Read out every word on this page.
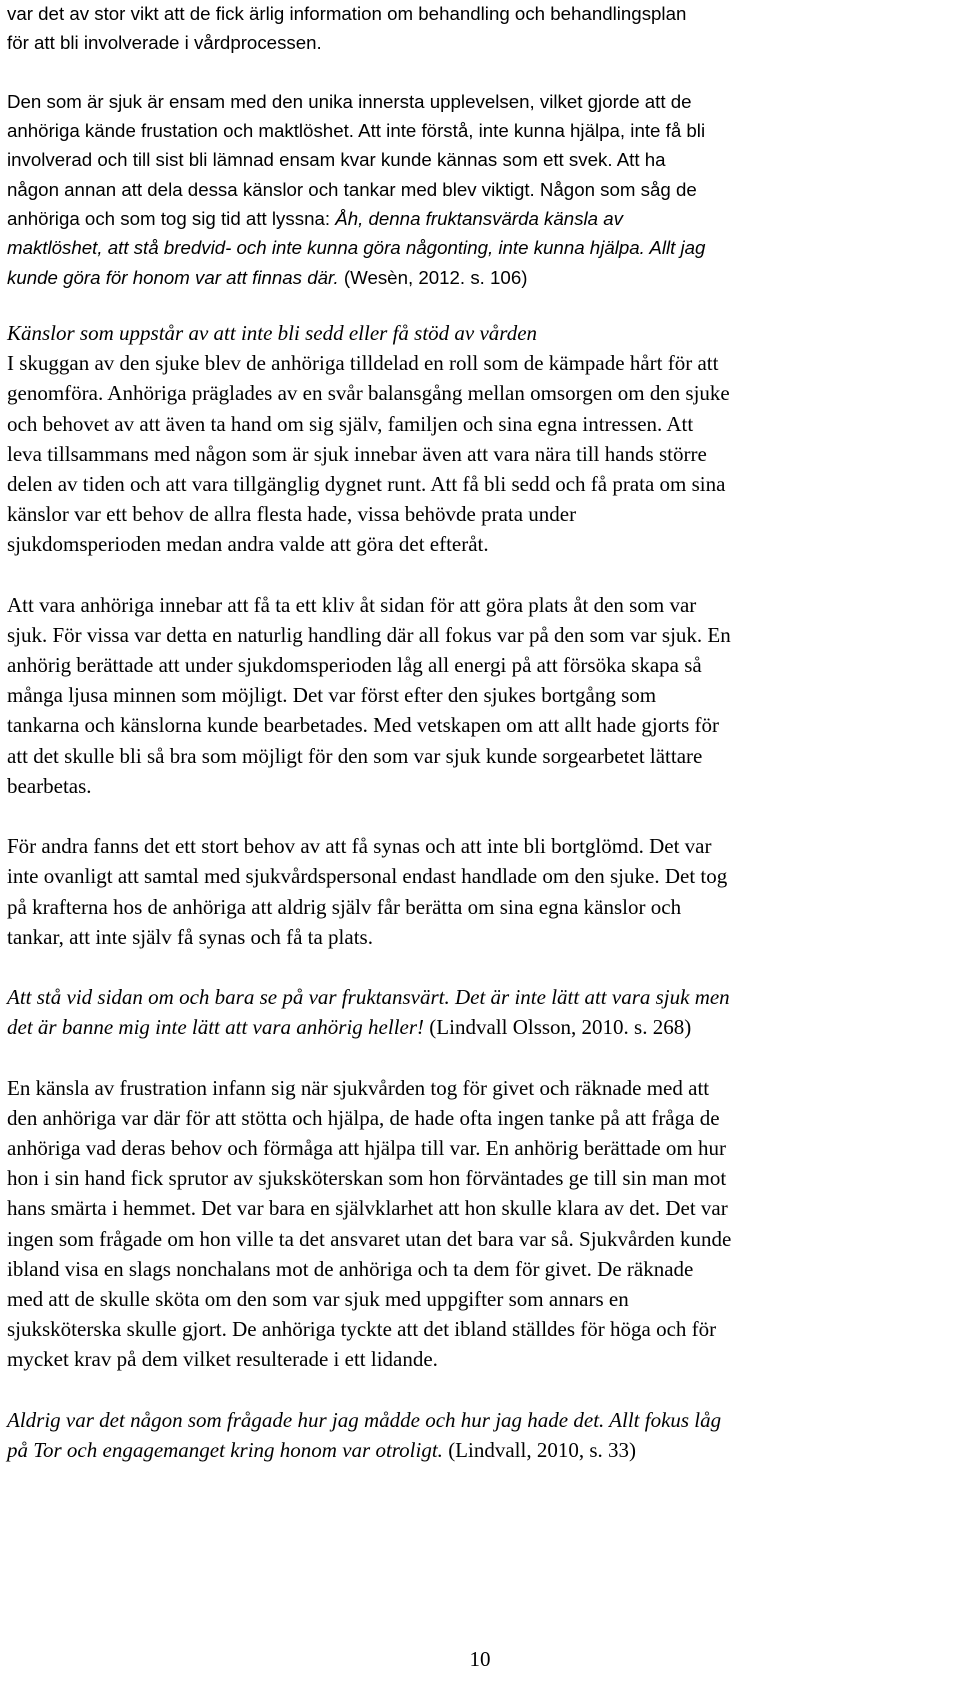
var det av stor vikt att de fick ärlig information om behandling och behandlingsplan
för att bli involverade i vårdprocessen.
Den som är sjuk är ensam med den unika innersta upplevelsen, vilket gjorde att de
anhöriga kände frustation och maktlöshet. Att inte förstå, inte kunna hjälpa, inte få bli
involverad och till sist bli lämnad ensam kvar kunde kännas som ett svek. Att ha
någon annan att dela dessa känslor och tankar med blev viktigt. Någon som såg de
anhöriga och som tog sig tid att lyssna: Åh, denna fruktansvärda känsla av
maktlöshet, att stå bredvid- och inte kunna göra någonting, inte kunna hjälpa. Allt jag
kunde göra för honom var att finnas där. (Wesèn, 2012. s. 106)
Känslor som uppstår av att inte bli sedd eller få stöd av vården
I skuggan av den sjuke blev de anhöriga tilldelad en roll som de kämpade hårt för att
genomföra. Anhöriga präglades av en svår balansgång mellan omsorgen om den sjuke
och behovet av att även ta hand om sig själv, familjen och sina egna intressen. Att
leva tillsammans med någon som är sjuk innebar även att vara nära till hands större
delen av tiden och att vara tillgänglig dygnet runt. Att få bli sedd och få prata om sina
känslor var ett behov de allra flesta hade, vissa behövde prata under
sjukdomsperioden medan andra valde att göra det efteråt.
Att vara anhöriga innebar att få ta ett kliv åt sidan för att göra plats åt den som var
sjuk. För vissa var detta en naturlig handling där all fokus var på den som var sjuk. En
anhörig berättade att under sjukdomsperioden låg all energi på att försöka skapa så
många ljusa minnen som möjligt. Det var först efter den sjukes bortgång som
tankarna och känslorna kunde bearbetades. Med vetskapen om att allt hade gjorts för
att det skulle bli så bra som möjligt för den som var sjuk kunde sorgearbetet lättare
bearbetas.
För andra fanns det ett stort behov av att få synas och att inte bli bortglömd. Det var
inte ovanligt att samtal med sjukvårdspersonal endast handlade om den sjuke. Det tog
på krafterna hos de anhöriga att aldrig själv får berätta om sina egna känslor och
tankar, att inte själv få synas och få ta plats.
Att stå vid sidan om och bara se på var fruktansvärt. Det är inte lätt att vara sjuk men
det är banne mig inte lätt att vara anhörig heller! (Lindvall Olsson, 2010. s. 268)
En känsla av frustration infann sig när sjukvården tog för givet och räknade med att
den anhöriga var där för att stötta och hjälpa, de hade ofta ingen tanke på att fråga de
anhöriga vad deras behov och förmåga att hjälpa till var. En anhörig berättade om hur
hon i sin hand fick sprutor av sjuksköterskan som hon förväntades ge till sin man mot
hans smärta i hemmet. Det var bara en självklarhet att hon skulle klara av det. Det var
ingen som frågade om hon ville ta det ansvaret utan det bara var så. Sjukvården kunde
ibland visa en slags nonchalans mot de anhöriga och ta dem för givet. De räknade
med att de skulle sköta om den som var sjuk med uppgifter som annars en
sjuksköterska skulle gjort. De anhöriga tyckte att det ibland ställdes för höga och för
mycket krav på dem vilket resulterade i ett lidande.
Aldrig var det någon som frågade hur jag mådde och hur jag hade det. Allt fokus låg
på Tor och engagemanget kring honom var otroligt. (Lindvall, 2010, s. 33)
10
